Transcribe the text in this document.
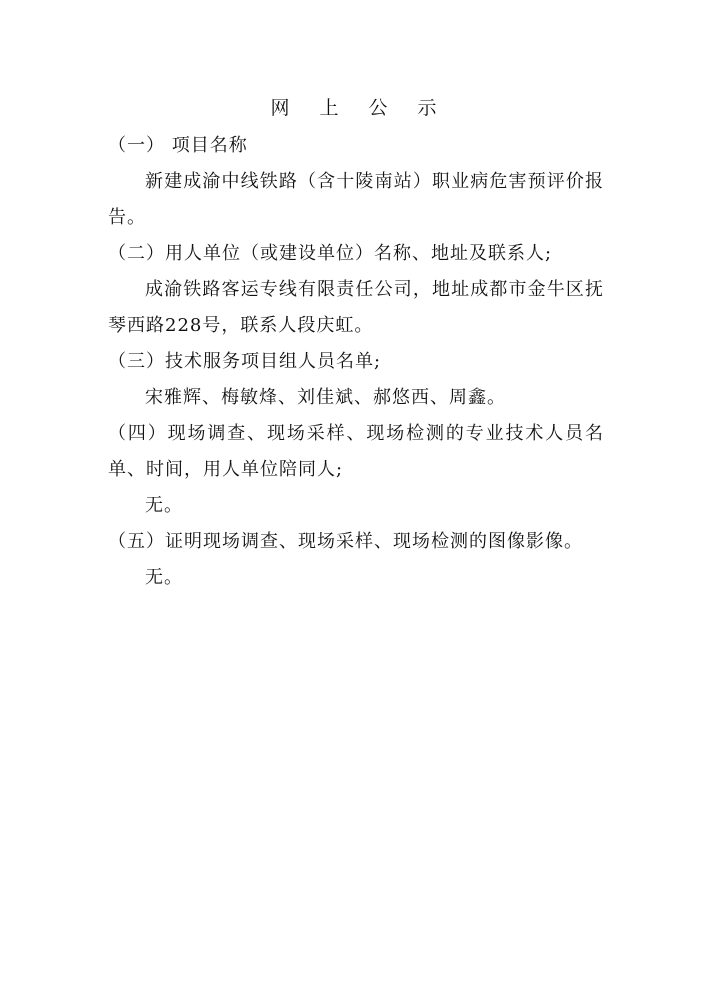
网 上 公 示

（一） 项目名称

新建成渝中线铁路（含十陵南站）职业病危害预评价报告。

（二）用人单位（或建设单位）名称、地址及联系人;

成渝铁路客运专线有限责任公司，地址成都市金牛区抚琴西路228号，联系人段庆虹。

（三）技术服务项目组人员名单;

宋雅辉、梅敏烽、刘佳斌、郝悠西、周鑫。

（四）现场调查、现场采样、现场检测的专业技术人员名单、时间，用人单位陪同人;

无。

（五）证明现场调查、现场采样、现场检测的图像影像。

无。
